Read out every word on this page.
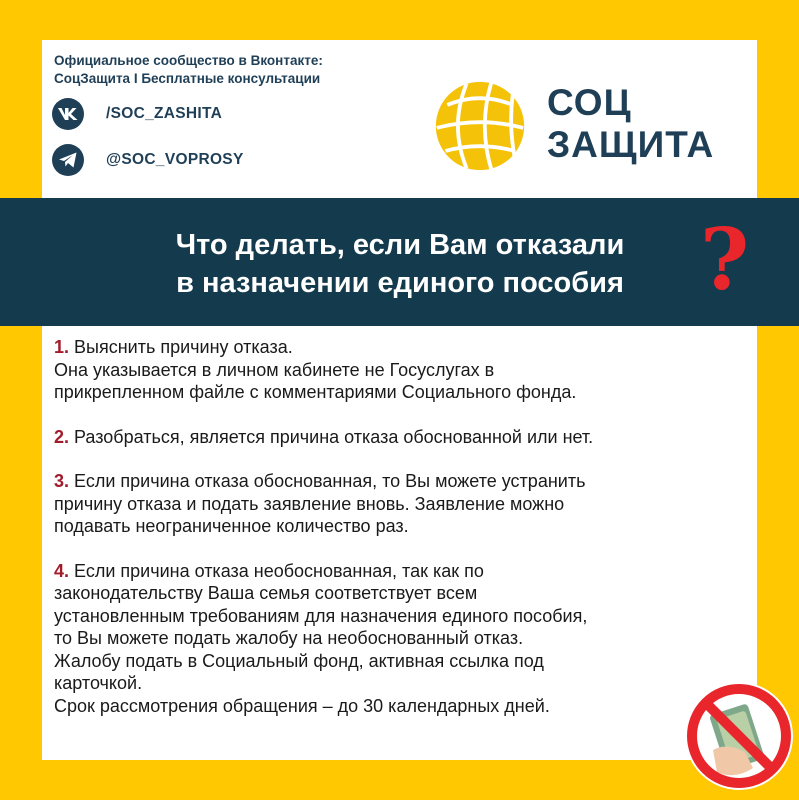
Официальное сообщество в Вконтакте:
СоцЗащита I Бесплатные консультации
/SOC_ZASHITA
@SOC_VOPROSY
СОЦ
ЗАЩИТА
Что делать, если Вам отказали
в назначении единого пособия ?

1. Выяснить причину отказа.
Она указывается в личном кабинете не Госуслугах в
прикрепленном файле с комментариями Социального фонда.

2. Разобраться, является причина отказа обоснованной или нет.

3. Если причина отказа обоснованная, то Вы можете устранить
причину отказа и подать заявление вновь. Заявление можно
подавать неограниченное количество раз.

4. Если причина отказа необоснованная, так как по
законодательству Ваша семья соответствует всем
установленным требованиям для назначения единого пособия,
то Вы можете подать жалобу на необоснованный отказ.
Жалобу подать в Социальный фонд, активная ссылка под
карточкой.
Срок рассмотрения обращения – до 30 календарных дней.
